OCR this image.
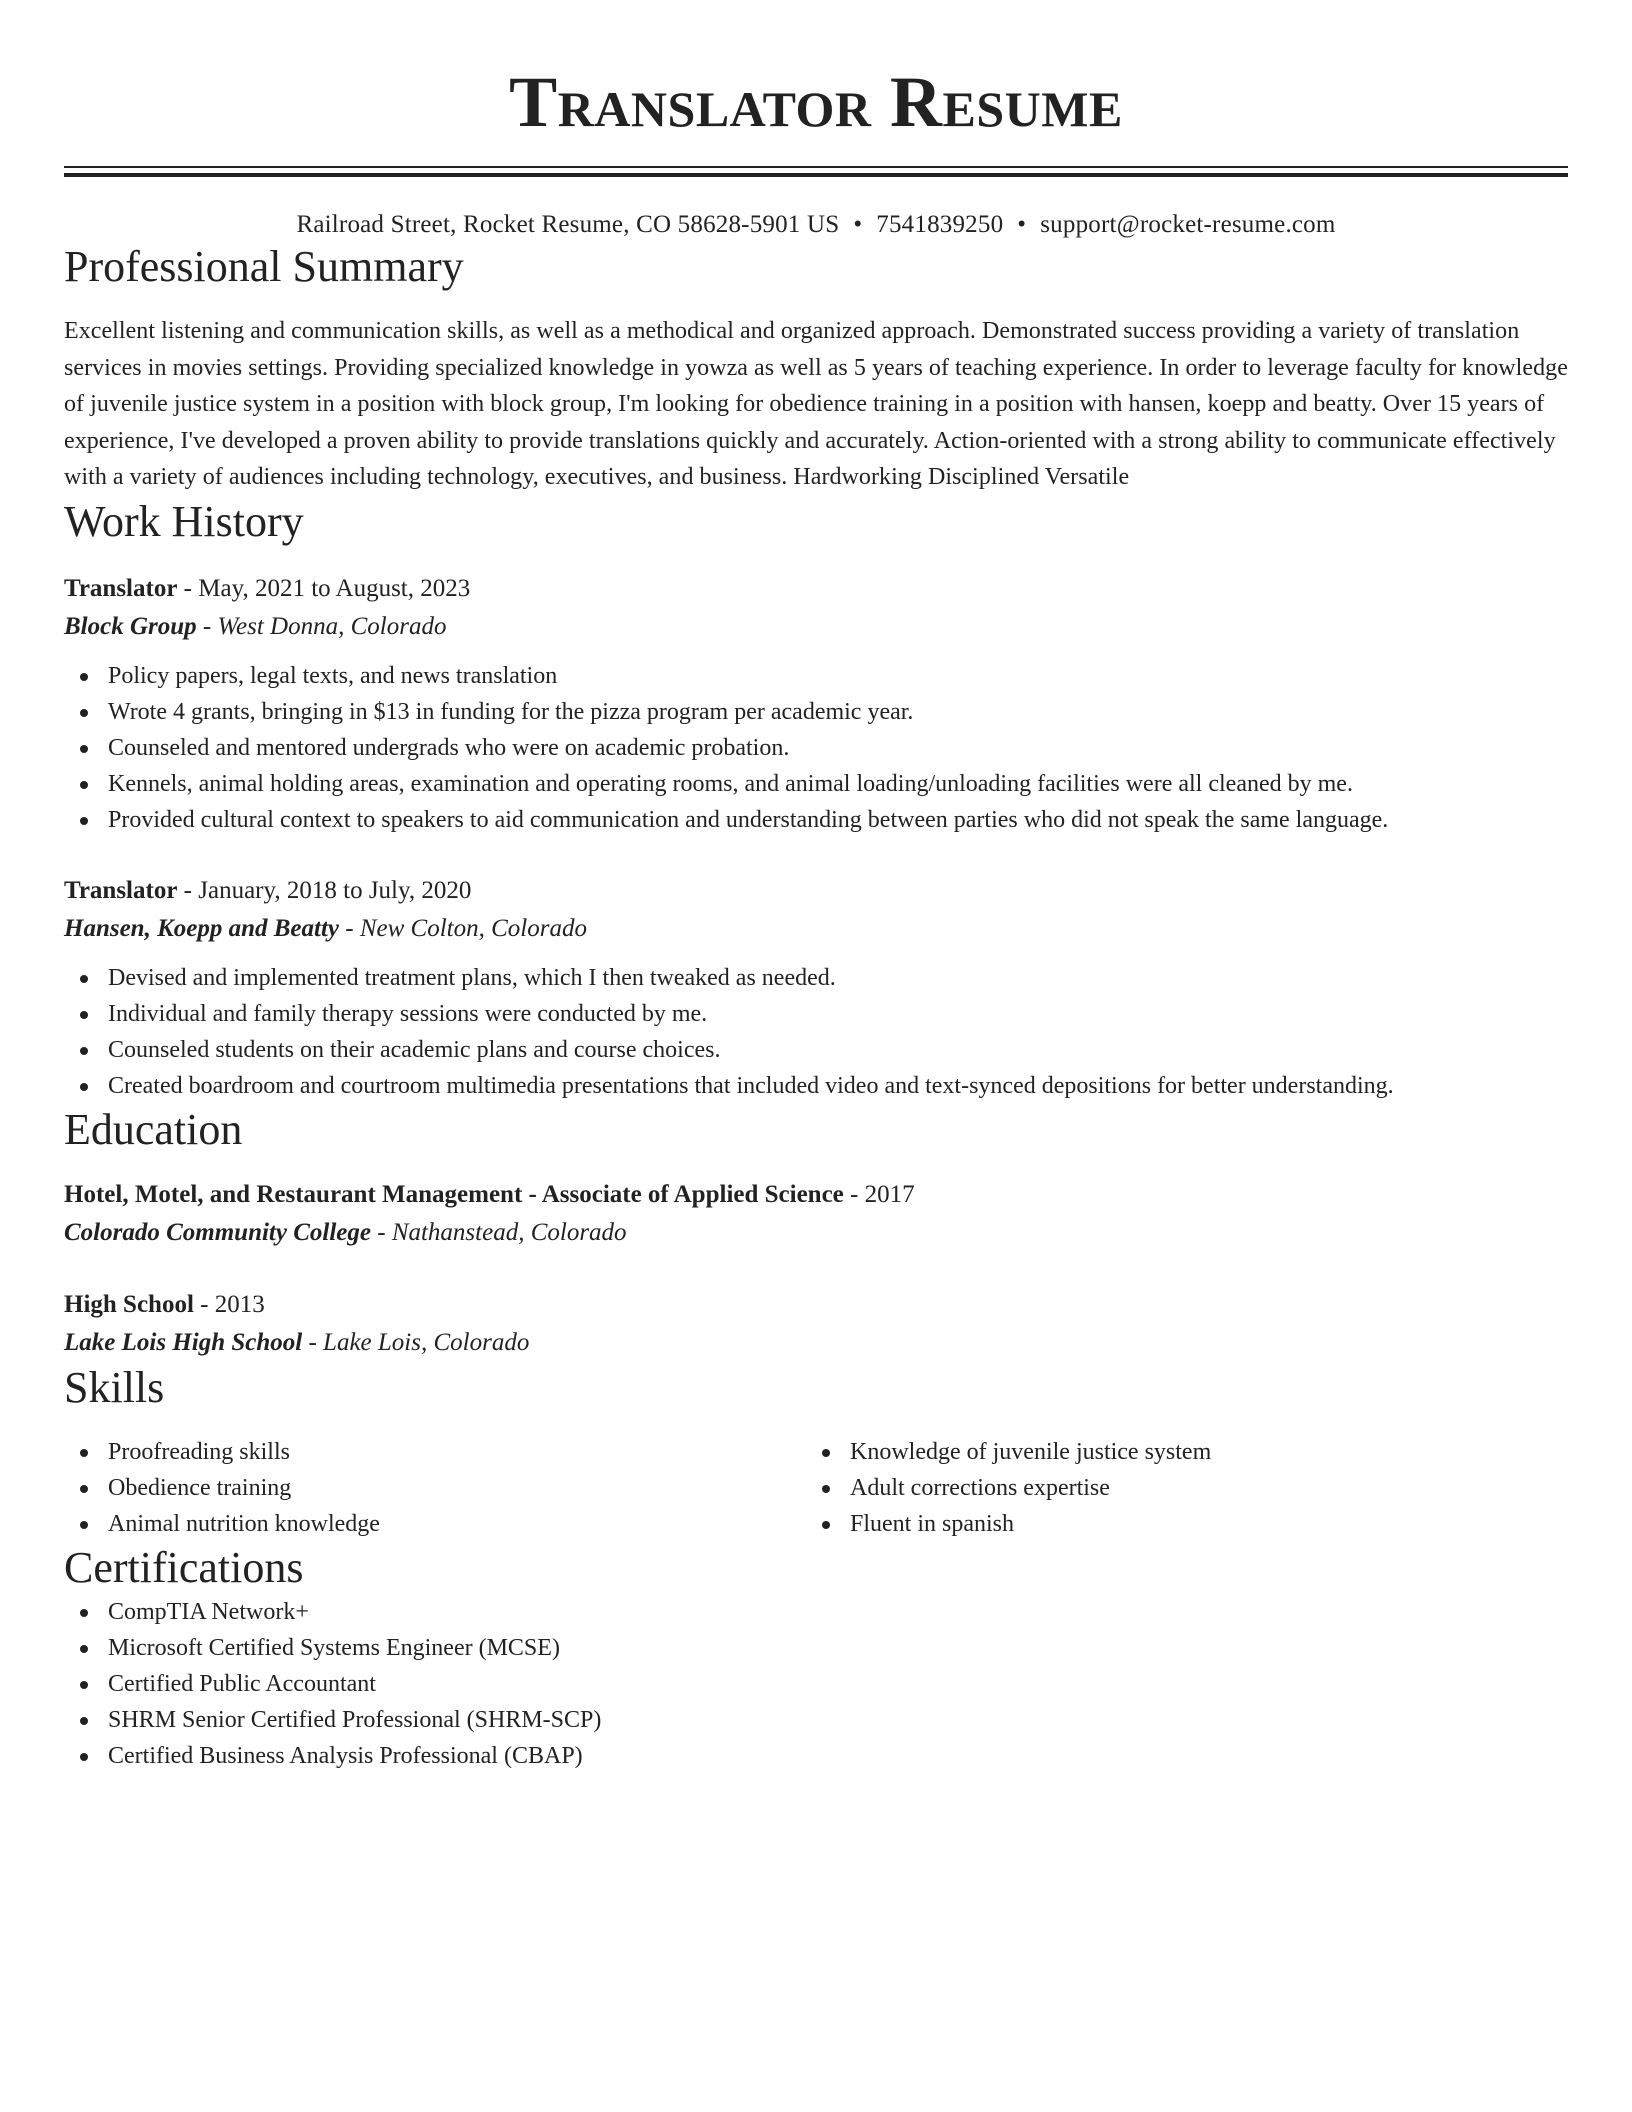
Translator Resume
Railroad Street, Rocket Resume, CO 58628-5901 US • 7541839250 • support@rocket-resume.com
Professional Summary
Excellent listening and communication skills, as well as a methodical and organized approach. Demonstrated success providing a variety of translation services in movies settings. Providing specialized knowledge in yowza as well as 5 years of teaching experience. In order to leverage faculty for knowledge of juvenile justice system in a position with block group, I'm looking for obedience training in a position with hansen, koepp and beatty. Over 15 years of experience, I've developed a proven ability to provide translations quickly and accurately. Action-oriented with a strong ability to communicate effectively with a variety of audiences including technology, executives, and business. Hardworking Disciplined Versatile
Work History
Translator - May, 2021 to August, 2023
Block Group - West Donna, Colorado
Policy papers, legal texts, and news translation
Wrote 4 grants, bringing in $13 in funding for the pizza program per academic year.
Counseled and mentored undergrads who were on academic probation.
Kennels, animal holding areas, examination and operating rooms, and animal loading/unloading facilities were all cleaned by me.
Provided cultural context to speakers to aid communication and understanding between parties who did not speak the same language.
Translator - January, 2018 to July, 2020
Hansen, Koepp and Beatty - New Colton, Colorado
Devised and implemented treatment plans, which I then tweaked as needed.
Individual and family therapy sessions were conducted by me.
Counseled students on their academic plans and course choices.
Created boardroom and courtroom multimedia presentations that included video and text-synced depositions for better understanding.
Education
Hotel, Motel, and Restaurant Management - Associate of Applied Science - 2017
Colorado Community College - Nathanstead, Colorado
High School - 2013
Lake Lois High School - Lake Lois, Colorado
Skills
Proofreading skills
Obedience training
Animal nutrition knowledge
Knowledge of juvenile justice system
Adult corrections expertise
Fluent in spanish
Certifications
CompTIA Network+
Microsoft Certified Systems Engineer (MCSE)
Certified Public Accountant
SHRM Senior Certified Professional (SHRM-SCP)
Certified Business Analysis Professional (CBAP)
